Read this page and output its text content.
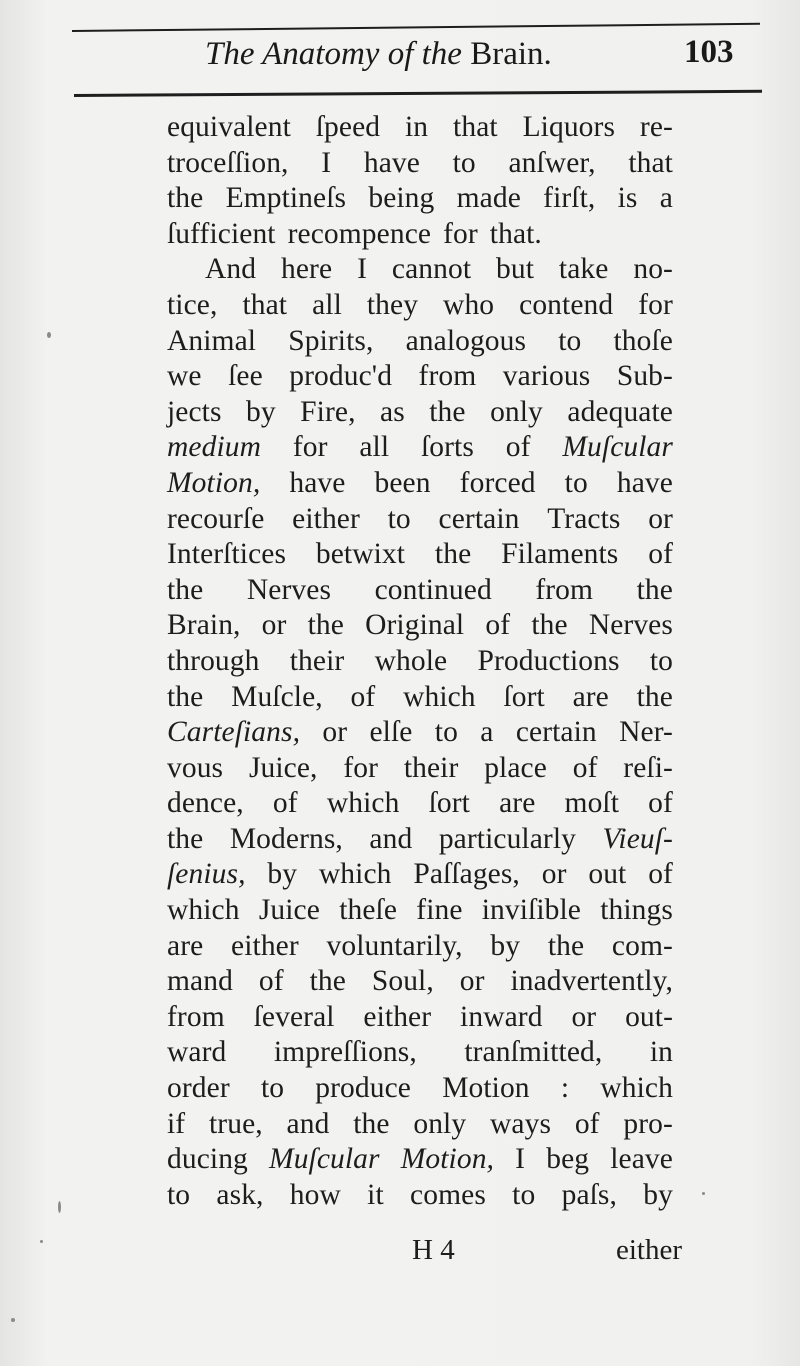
The Anatomy of the Brain.	103
equivalent ſpeed in that Liquors re-
troceſſion, I have to anſwer, that
the Emptineſs being made firſt, is a
ſufficient recompence for that.
And here I cannot but take no-
tice, that all they who contend for
Animal Spirits, analogous to thoſe
we ſee produc'd from various Sub-
jects by Fire, as the only adequate
medium for all ſorts of Muſcular
Motion, have been forced to have
recourſe either to certain Tracts or
Interſtices betwixt the Filaments of
the Nerves continued from the
Brain, or the Original of the Nerves
through their whole Productions to
the Muſcle, of which ſort are the
Carteſians, or elſe to a certain Ner-
vous Juice, for their place of reſi-
dence, of which ſort are moſt of
the Moderns, and particularly Vieuſ-
ſenius, by which Paſſages, or out of
which Juice theſe fine inviſible things
are either voluntarily, by the com-
mand of the Soul, or inadvertently,
from ſeveral either inward or out-
ward impreſſions, tranſmitted, in
order to produce Motion : which
if true, and the only ways of pro-
ducing Muſcular Motion, I beg leave
to ask, how it comes to paſs, by
H 4	either
